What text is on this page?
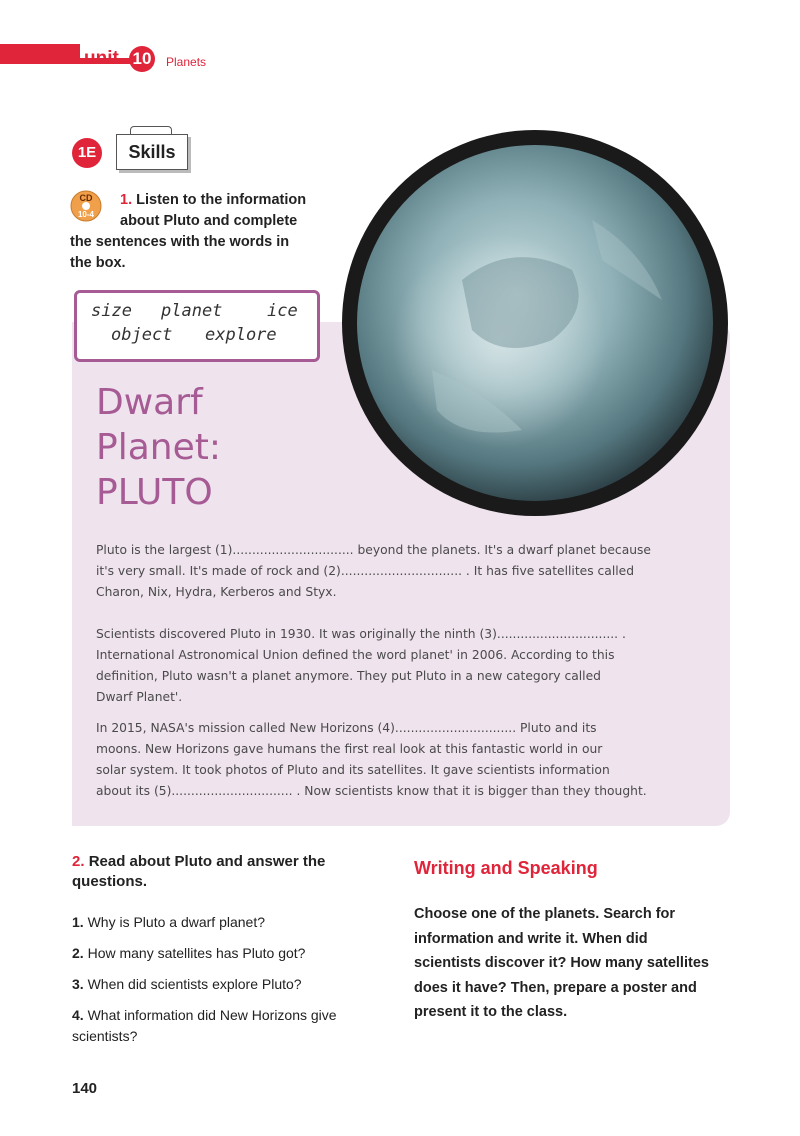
unit 10 Planets
1E	Skills
1. Listen to the information
about Pluto and complete
the sentences with the words in
the box.
CD
10-4
size planet	ice
object explore
Dwarf
Planet:
PLUTO
Pluto is the largest (1)............................... beyond the planets. It's a dwarf planet because
it's very small. It's made of rock and (2)............................... . It has five satellites called
Charon, Nix, Hydra, Kerberos and Styx.
Scientists discovered Pluto in 1930. It was originally the ninth (3)............................... .
International Astronomical Union defined the word planet' in 2006. According to this
definition, Pluto wasn't a planet anymore. They put Pluto in a new category called
Dwarf Planet'.
In 2015, NASA's mission called New Horizons (4)............................... Pluto and its
moons. New Horizons gave humans the first real look at this fantastic world in our
solar system. It took photos of Pluto and its satellites. It gave scientists information
about its (5)............................... . Now scientists know that it is bigger than they thought.
2. Read about Pluto and answer the
questions.
1. Why is Pluto a dwarf planet?
2. How many satellites has Pluto got?
3. When did scientists explore Pluto?
4. What information did New Horizons give
scientists?
Writing and Speaking
Choose one of the planets. Search for
information and write it. When did
scientists discover it? How many satellites
does it have? Then, prepare a poster and
present it to the class.
140
